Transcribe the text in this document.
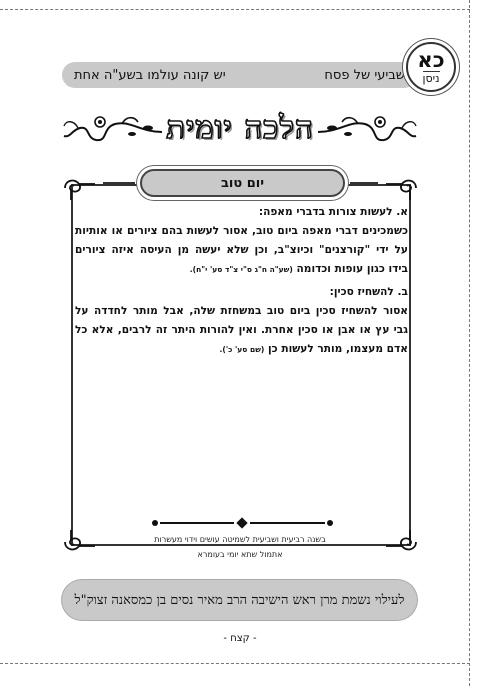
שביעי של פסח
יש קונה עולמו בשע"ה אחת
כא
ניסן
הלכה יומית
יום טוב

א. לעשות צורות בדברי מאפה:

כשמכינים דברי מאפה ביום טוב, אסור לעשות בהם ציורים או אותיות על ידי "קורצנים" וכיוצ"ב, וכן שלא יעשה מן העיסה איזה ציורים בידו כגון עופות וכדומה (שע"ה ח"ג ס"י צ"ד סע' י"ח).

ב. להשחיז סכין:

אסור להשחיז סכין ביום טוב במשחזת שלה, אבל מותר לחדדה על גבי עץ או אבן או סכין אחרת. ואין להורות היתר זה לרבים, אלא כל אדם מעצמו, מותר לעשות כן (שם סע' כ').

בשנה רביעית ושביעית לשמיטה עושים וידוי מעשרות
אתמול שתא יומי בעומרא
לעילוי נשמת מרן ראש הישיבה הרב מאיר נסים בן כמסאנה זצוק"ל
- קצח -
